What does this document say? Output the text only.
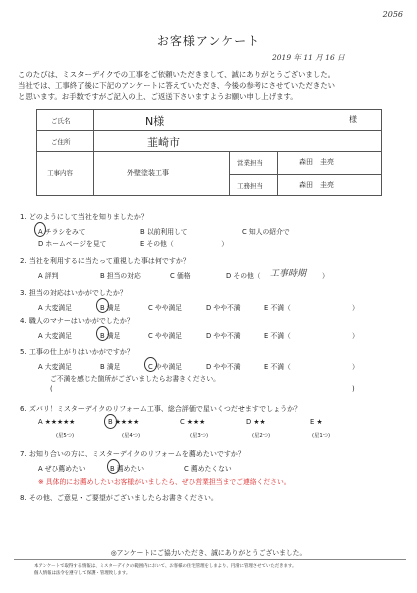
2056
お客様アンケート
2019 年 11 月 16 日
このたびは、ミスターデイクでの工事をご依頼いただきまして、誠にありがとうございました。
当社では、工事終了後に下記のアンケートに答えていただき、今後の参考にさせていただきたい
と思います。お手数ですがご記入の上、ご返送下さいますようお願い申し上げます。
ご氏名	N様	様
ご住所	韮崎市
工事内容	外壁塗装工事
営業担当	森田　圭亮
工務担当	森田　圭亮
1. どのようにして当社を知りましたか？
A チラシをみて	B 以前利用して	C 知人の紹介で
D ホームページを見て	E その他（　　　　　　　）
2. 当社を利用するに当たって重視した事は何ですか？
A 評判	B 担当の対応	C 価格	D その他（ 工事時期 ）
3. 担当の対応はいかがでしたか？
A 大変満足	B 満足	C やや満足	D やや不満	E 不満（　　　　　　　　　）
4. 職人のマナーはいかがでしたか？
A 大変満足	B 満足	C やや満足	D やや不満	E 不満（　　　　　　　　　）
5. 工事の仕上がりはいかがですか？
A 大変満足	B 満足	C やや満足	D やや不満	E 不満（　　　　　　　　　）
ご不満を感じた箇所がございましたらお書きください。
(	)
6. ズバリ！ミスターデイクのリフォーム工事、総合評価で星いくつだせますでしょうか？
A ★★★★★	B ★★★★	C ★★★	D ★★	E ★
(星5つ)	(星4つ)	(星3つ)	(星2つ)	(星1つ)
7. お知り合いの方に、ミスターデイクのリフォームを薦めたいですか？
A ぜひ薦めたい	B 薦めたい	C 薦めたくない
※ 具体的にお薦めしたいお客様がいましたら、ぜひ営業担当までご連絡ください。
8. その他、ご意見・ご要望がございましたらお書きください。
◎アンケートにご協力いただき、誠にありがとうございました。
本アンケートで取得する情報は、ミスターデイクの範囲内において、お客様の住宅管理をしまより、円滑に管理させていただきます。
個人情報は法令を遵守して保護・管理致します。
